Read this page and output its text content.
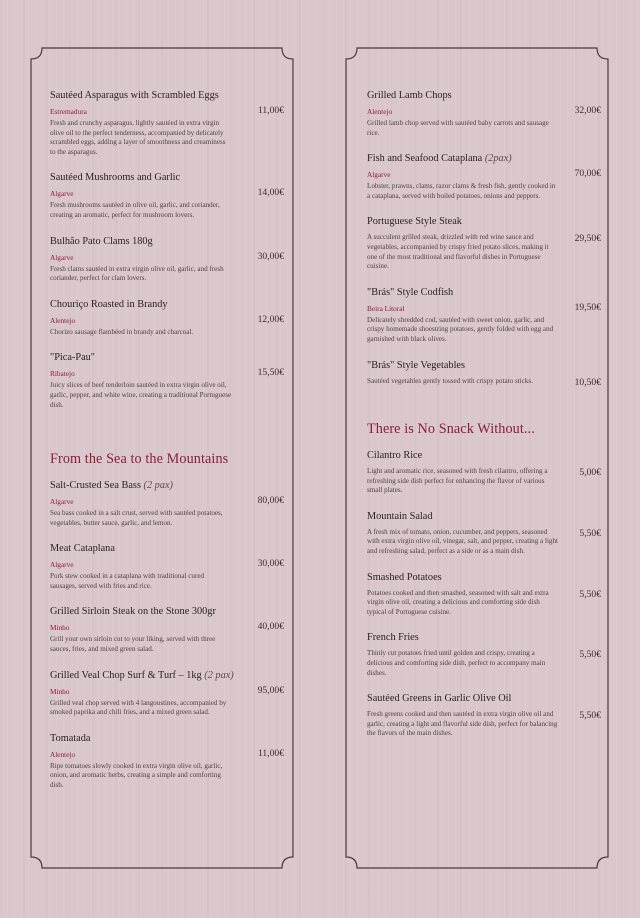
Sautéed Asparagus with Scrambled Eggs
Estremadura	11,00€
Fresh and crunchy asparagus, lightly sautéed in extra virgin olive oil to the perfect tenderness, accompanied by delicately scrambled eggs, adding a layer of smoothness and creaminess to the asparagus.
Sautéed Mushrooms and Garlic
Algarve	14,00€
Fresh mushrooms sautéed in olive oil, garlic, and coriander,
creating an aromatic, perfect for mushroom lovers.
Bulhão Pato Clams 180g
Algarve	30,00€
Fresh clams sautéed in extra virgin olive oil, garlic, and fresh coriander, perfect for clam lovers.
Chouriço Roasted in Brandy
Alentejo	12,00€
Chorizo sausage flambéed in brandy and charcoal.
"Pica-Pau"
Ribatejo	15,50€
Juicy slices of beef tenderloin sautéed in extra virgin olive oil, garlic, pepper, and white wine, creating a traditional Portuguese dish.
From the Sea to the Mountains
Salt-Crusted Sea Bass (2 pax)
Algarve	80,00€
Sea bass cooked in a salt crust, served with sautéed potatoes, vegetables, butter sauce, garlic, and lemon.
Meat Cataplana
Algarve	30,00€
Pork stew cooked in a cataplana with traditional cured sausages, served with fries and rice.
Grilled Sirloin Steak on the Stone 300gr
Minho	40,00€
Grill your own sirloin cut to your liking, served with three sauces, fries, and mixed green salad.
Grilled Veal Chop Surf & Turf – 1kg (2 pax)
Minho	95,00€
Grilled veal chop served with 4 langoustines, accompanied by smoked paprika and chili fries, and a mixed green salad.
Tomatada
Alentejo	11,00€
Ripe tomatoes slowly cooked in extra virgin olive oil, garlic, onion, and aromatic herbs, creating a simple and comforting dish.
Grilled Lamb Chops
Alentejo	32,00€
Grilled lamb chop served with sautéed baby carrots and sausage rice.
Fish and Seafood Cataplana (2pax)
Algarve	70,00€
Lobster, prawns, clams, razor clams & fresh fish, gently cooked in a cataplana, served with boiled potatoes, onions and peppers.
Portuguese Style Steak
29,50€
A succulent grilled steak, drizzled with red wine sauce and vegetables, accompanied by crispy fried potato slices, making it one of the most traditional and flavorful dishes in Portuguese cuisine.
"Brás" Style Codfish
Beira Litoral	19,50€
Delicately shredded cod, sautéed with sweet onion, garlic, and crispy homemade shoestring potatoes, gently folded with egg and garnished with black olives.
"Brás" Style Vegetables
10,50€
Sautéed vegetables gently tossed with crispy potato sticks.
There is No Snack Without...
Cilantro Rice
5,00€
Light and aromatic rice, seasoned with fresh cilantro, offering a refreshing side dish perfect for enhancing the flavor of various small plates.
Mountain Salad
5,50€
A fresh mix of tomato, onion, cucumber, and peppers, seasoned with extra virgin olive oil, vinegar, salt, and pepper, creating a light and refreshing salad, perfect as a side or as a main dish.
Smashed Potatoes
5,50€
Potatoes cooked and then smashed, seasoned with salt and extra virgin olive oil, creating a delicious and comforting side dish typical of Portuguese cuisine.
French Fries
5,50€
Thinly cut potatoes fried until golden and crispy, creating a delicious and comforting side dish, perfect to accompany main dishes.
Sautéed Greens in Garlic Olive Oil
5,50€
Fresh greens cooked and then sautéed in extra virgin olive oil and garlic, creating a light and flavorful side dish, perfect for balancing the flavors of the main dishes.
